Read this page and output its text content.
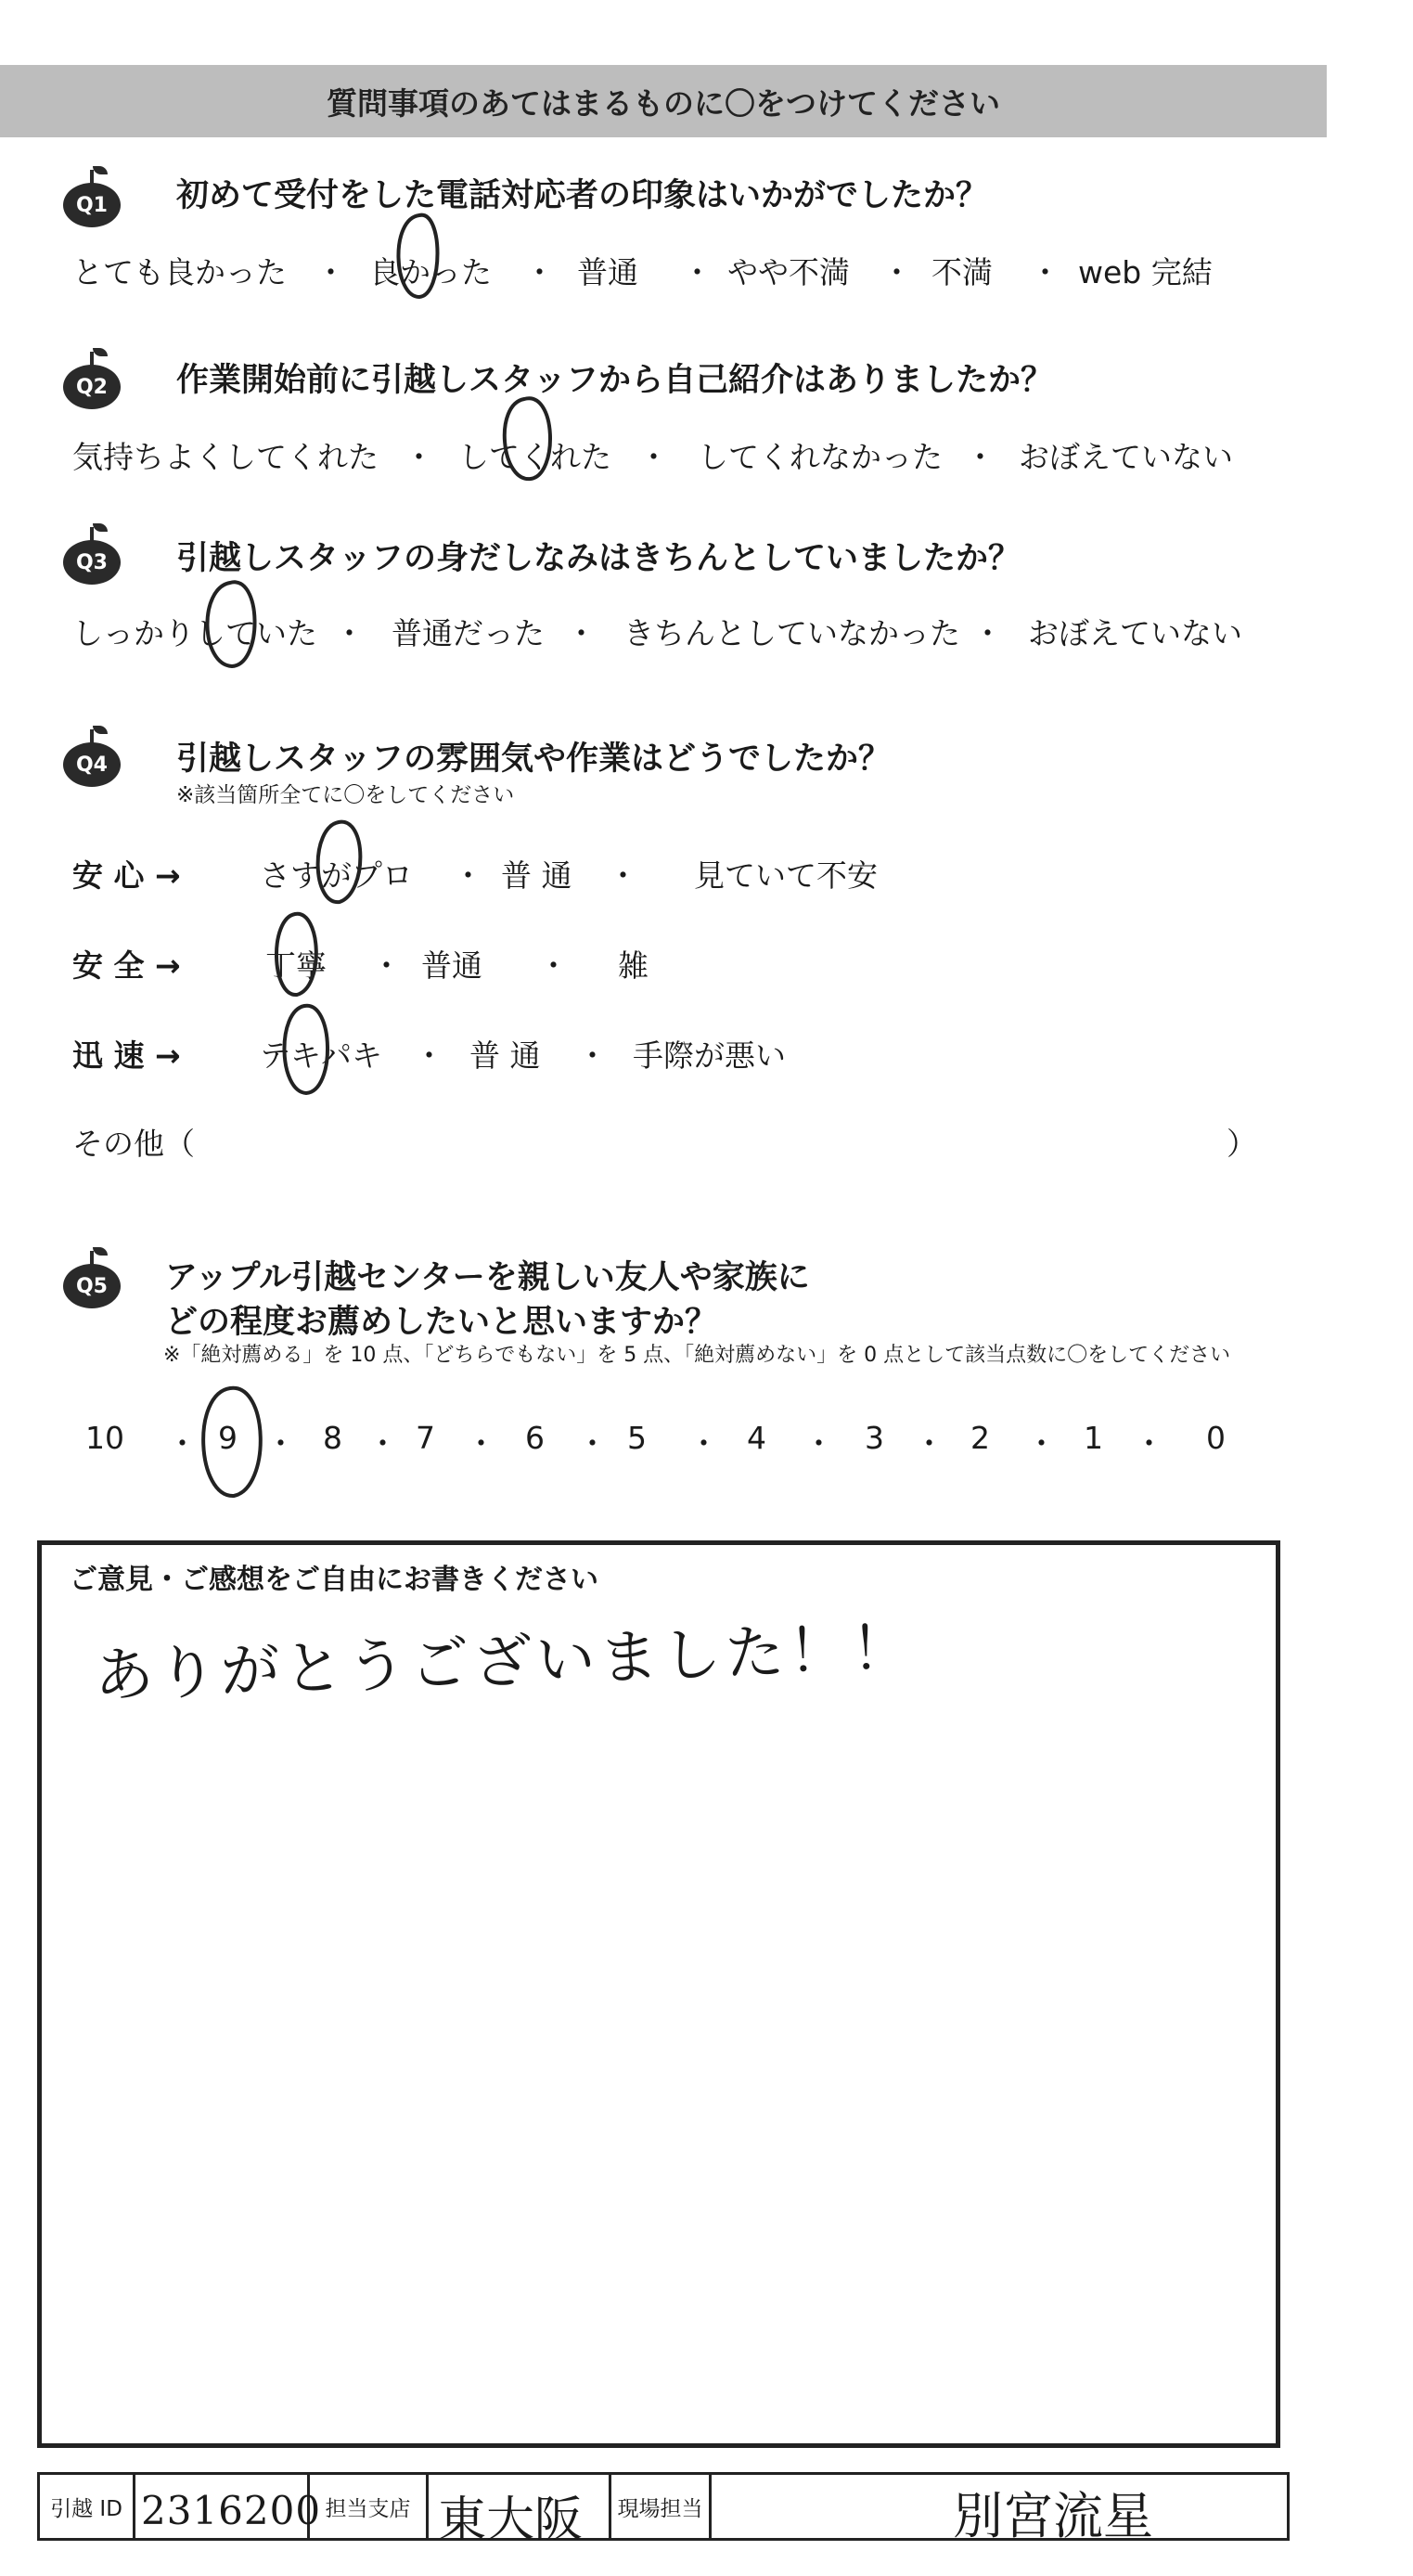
質問事項のあてはまるものに〇をつけてください
Q1	初めて受付をした電話対応者の印象はいかがでしたか？
とても良かった ・ 良かった ・ 普通 ・ やや不満 ・ 不満 ・ web 完結
Q2	作業開始前に引越しスタッフから自己紹介はありましたか？
気持ちよくしてくれた ・ してくれた ・ してくれなかった ・ おぼえていない
Q3	引越しスタッフの身だしなみはきちんとしていましたか？
しっかりしていた ・ 普通だった ・ きちんとしていなかった ・ おぼえていない
Q4	引越しスタッフの雰囲気や作業はどうでしたか？
※該当箇所全てに〇をしてください
安 心 →	さすがプロ ・ 普 通 ・ 見ていて不安
安 全 →	丁寧 ・ 普通 ・ 雑
迅 速 →	テキパキ ・ 普 通 ・ 手際が悪い
その他（	）
Q5	アップル引越センターを親しい友人や家族に
どの程度お薦めしたいと思いますか？
※「絶対薦める」を 10 点、「どちらでもない」を 5 点、「絶対薦めない」を 0 点として該当点数に〇をしてください
10 ・ 9 ・ 8 ・ 7 ・ 6 ・ 5 ・ 4 ・ 3 ・ 2 ・ 1 ・ 0
ご意見・ご感想をご自由にお書きください
ありがとうございました！！
引越 ID 2316200 担当支店 東大阪 現場担当	別宮流星
